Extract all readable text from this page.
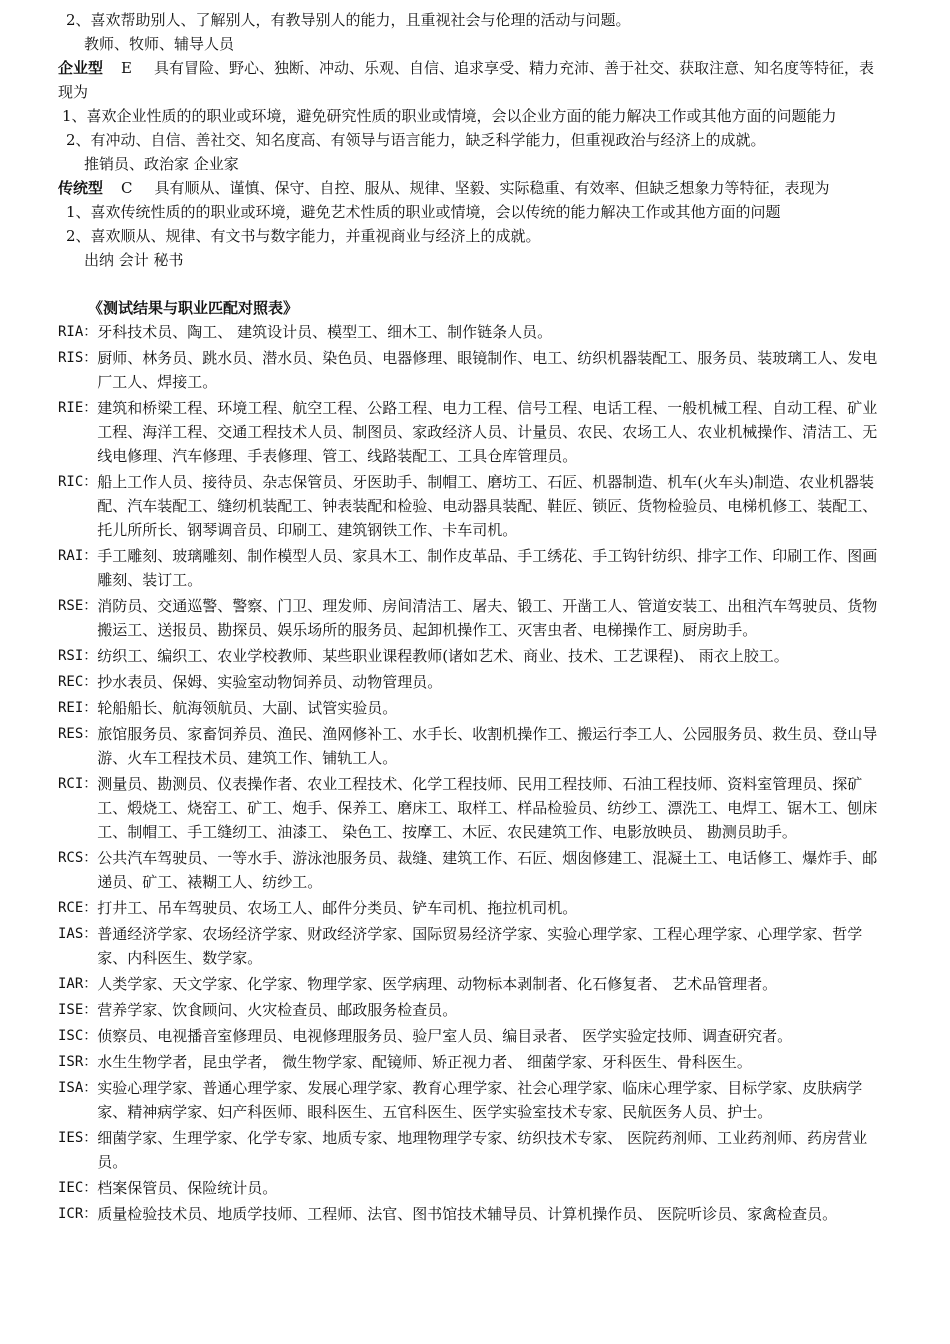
2、喜欢帮助别人、了解别人，有教导别人的能力，且重视社会与伦理的活动与问题。
教师、牧师、辅导人员
企业型 E 具有冒险、野心、独断、冲动、乐观、自信、追求享受、精力充沛、善于社交、获取注意、知名度等特征，表现为
1、喜欢企业性质的的职业或环境，避免研究性质的职业或情境，会以企业方面的能力解决工作或其他方面的问题能力
2、有冲动、自信、善社交、知名度高、有领导与语言能力，缺乏科学能力，但重视政治与经济上的成就。
推销员、政治家 企业家
传统型 C 具有顺从、谨慎、保守、自控、服从、规律、坚毅、实际稳重、有效率、但缺乏想象力等特征，表现为
1、喜欢传统性质的的职业或环境，避免艺术性质的职业或情境，会以传统的能力解决工作或其他方面的问题
2、喜欢顺从、规律、有文书与数字能力，并重视商业与经济上的成就。
出纳 会计 秘书
《测试结果与职业匹配对照表》
RIA： 牙科技术员、陶工、 建筑设计员、模型工、细木工、制作链条人员。
RIS： 厨师、林务员、跳水员、潜水员、染色员、电器修理、眼镜制作、电工、纺织机器装配工、服务员、装玻璃工人、发电厂工人、焊接工。
RIE： 建筑和桥梁工程、环境工程、航空工程、公路工程、电力工程、信号工程、电话工程、一般机械工程、自动工程、矿业工程、海洋工程、交通工程技术人员、制图员、家政经济人员、计量员、农民、农场工人、农业机械操作、清洁工、无线电修理、汽车修理、手表修理、管工、线路装配工、工具仓库管理员。
RIC： 船上工作人员、接待员、杂志保管员、牙医助手、制帽工、磨坊工、石匠、机器制造、机车(火车头)制造、农业机器装配、汽车装配工、缝纫机装配工、钟表装配和检验、电动器具装配、鞋匠、锁匠、货物检验员、电梯机修工、装配工、托儿所所长、钢琴调音员、印刷工、建筑钢铁工作、卡车司机。
RAI： 手工雕刻、玻璃雕刻、制作模型人员、家具木工、制作皮革品、手工绣花、手工钩针纺织、排字工作、印刷工作、图画雕刻、装订工。
RSE： 消防员、交通巡警、警察、门卫、理发师、房间清洁工、屠夫、锻工、开凿工人、管道安装工、出租汽车驾驶员、货物搬运工、送报员、勘探员、娱乐场所的服务员、起卸机操作工、灭害虫者、电梯操作工、厨房助手。
RSI： 纺织工、编织工、农业学校教师、某些职业课程教师(诸如艺术、商业、技术、工艺课程)、 雨衣上胶工。
REC： 抄水表员、保姆、实验室动物饲养员、动物管理员。
REI： 轮船船长、航海领航员、大副、试管实验员。
RES： 旅馆服务员、家畜饲养员、渔民、渔网修补工、水手长、收割机操作工、搬运行李工人、公园服务员、救生员、登山导游、火车工程技术员、建筑工作、铺轨工人。
RCI： 测量员、勘测员、仪表操作者、农业工程技术、化学工程技师、民用工程技师、石油工程技师、资料室管理员、探矿工、煅烧工、烧窑工、矿工、炮手、保养工、磨床工、取样工、样品检验员、纺纱工、漂洗工、电焊工、锯木工、刨床工、制帽工、手工缝纫工、油漆工、 染色工、按摩工、木匠、农民建筑工作、电影放映员、 勘测员助手。
RCS： 公共汽车驾驶员、一等水手、游泳池服务员、裁缝、建筑工作、石匠、烟囱修建工、混凝土工、电话修工、爆炸手、邮递员、矿工、裱糊工人、纺纱工。
RCE： 打井工、吊车驾驶员、农场工人、邮件分类员、铲车司机、拖拉机司机。
IAS： 普通经济学家、农场经济学家、财政经济学家、国际贸易经济学家、实验心理学家、工程心理学家、心理学家、哲学家、内科医生、数学家。
IAR： 人类学家、天文学家、化学家、物理学家、医学病理、动物标本剥制者、化石修复者、 艺术品管理者。
ISE： 营养学家、饮食顾问、火灾检查员、邮政服务检查员。
ISC： 侦察员、电视播音室修理员、电视修理服务员、验尸室人员、编目录者、 医学实验定技师、调查研究者。
ISR： 水生生物学者，昆虫学者， 微生物学家、配镜师、矫正视力者、 细菌学家、牙科医生、骨科医生。
ISA： 实验心理学家、普通心理学家、发展心理学家、教育心理学家、社会心理学家、临床心理学家、目标学家、皮肤病学家、精神病学家、妇产科医师、眼科医生、五官科医生、医学实验室技术专家、民航医务人员、护士。
IES： 细菌学家、生理学家、化学专家、地质专家、地理物理学专家、纺织技术专家、 医院药剂师、工业药剂师、药房营业员。
IEC： 档案保管员、保险统计员。
ICR： 质量检验技术员、地质学技师、工程师、法官、图书馆技术辅导员、计算机操作员、 医院听诊员、家禽检查员。
